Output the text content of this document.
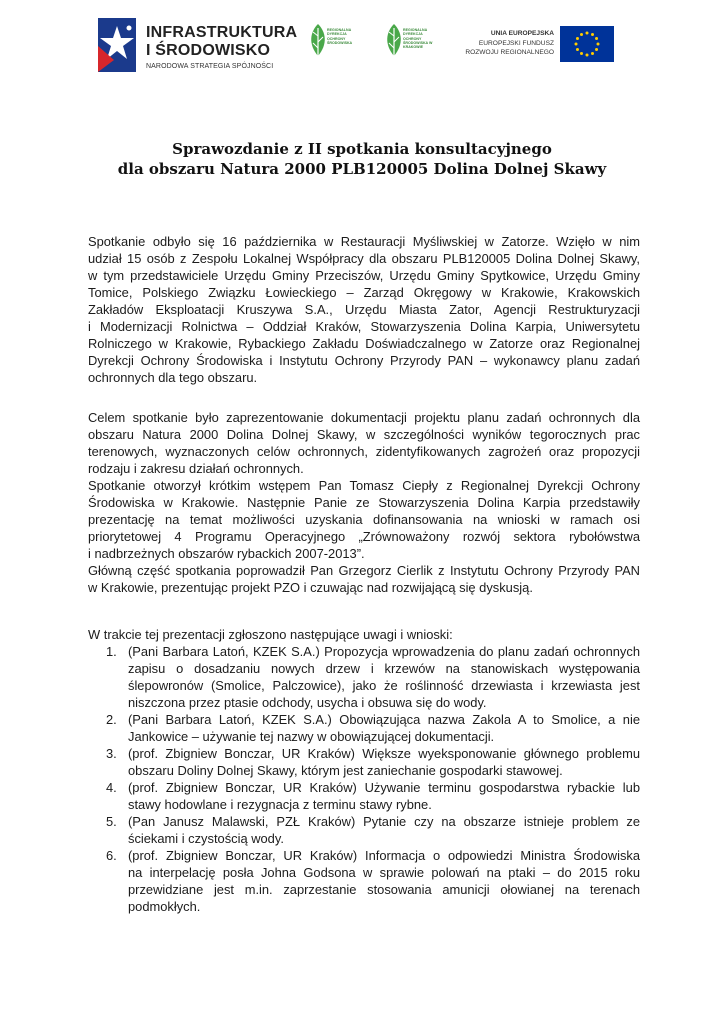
INFRASTRUKTURA
I ŚRODOWISKO
NARODOWA STRATEGIA SPÓJNOŚCI
REGIONALNA DYREKCJA OCHRONY ŚRODOWISKA
REGIONALNA DYREKCJA OCHRONY ŚRODOWISKA W KRAKOWIE
UNIA EUROPEJSKA
EUROPEJSKI FUNDUSZ
ROZWOJU REGIONALNEGO
Sprawozdanie z II spotkania konsultacyjnego
dla obszaru Natura 2000 PLB120005 Dolina Dolnej Skawy
Spotkanie odbyło się 16 października w Restauracji Myśliwskiej w Zatorze. Wzięło w nim
udział 15 osób z Zespołu Lokalnej Współpracy dla obszaru PLB120005 Dolina Dolnej Skawy,
w tym przedstawiciele Urzędu Gminy Przeciszów, Urzędu Gminy Spytkowice, Urzędu Gminy
Tomice, Polskiego Związku Łowieckiego – Zarząd Okręgowy w Krakowie, Krakowskich
Zakładów Eksploatacji Kruszywa S.A., Urzędu Miasta Zator, Agencji Restrukturyzacji
i Modernizacji Rolnictwa – Oddział Kraków, Stowarzyszenia Dolina Karpia, Uniwersytetu
Rolniczego w Krakowie, Rybackiego Zakładu Doświadczalnego w Zatorze oraz Regionalnej
Dyrekcji Ochrony Środowiska i Instytutu Ochrony Przyrody PAN – wykonawcy planu zadań
ochronnych dla tego obszaru.
Celem spotkanie było zaprezentowanie dokumentacji projektu planu zadań ochronnych dla
obszaru Natura 2000 Dolina Dolnej Skawy, w szczególności wyników tegorocznych prac
terenowych, wyznaczonych celów ochronnych, zidentyfikowanych zagrożeń oraz propozycji
rodzaju i zakresu działań ochronnych.
Spotkanie otworzył krótkim wstępem Pan Tomasz Ciepły z Regionalnej Dyrekcji Ochrony
Środowiska w Krakowie. Następnie Panie ze Stowarzyszenia Dolina Karpia przedstawiły
prezentację na temat możliwości uzyskania dofinansowania na wnioski w ramach osi
priorytetowej 4 Programu Operacyjnego „Zrównoważony rozwój sektora rybołówstwa
i nadbrzeżnych obszarów rybackich 2007-2013”.
Główną część spotkania poprowadził Pan Grzegorz Cierlik z Instytutu Ochrony Przyrody PAN
w Krakowie, prezentując projekt PZO i czuwając nad rozwijającą się dyskusją.
W trakcie tej prezentacji zgłoszono następujące uwagi i wnioski:
1. (Pani Barbara Latoń, KZEK S.A.) Propozycja wprowadzenia do planu zadań ochronnych
zapisu o dosadzaniu nowych drzew i krzewów na stanowiskach występowania
ślepowronów (Smolice, Palczowice), jako że roślinność drzewiasta i krzewiasta jest
niszczona przez ptasie odchody, usycha i obsuwa się do wody.
2. (Pani Barbara Latoń, KZEK S.A.) Obowiązująca nazwa Zakola A to Smolice, a nie
Jankowice – używanie tej nazwy w obowiązującej dokumentacji.
3. (prof. Zbigniew Bonczar, UR Kraków) Większe wyeksponowanie głównego problemu
obszaru Doliny Dolnej Skawy, którym jest zaniechanie gospodarki stawowej.
4. (prof. Zbigniew Bonczar, UR Kraków) Używanie terminu gospodarstwa rybackie lub
stawy hodowlane i rezygnacja z terminu stawy rybne.
5. (Pan Janusz Malawski, PZŁ Kraków) Pytanie czy na obszarze istnieje problem ze
ściekami i czystością wody.
6. (prof. Zbigniew Bonczar, UR Kraków) Informacja o odpowiedzi Ministra Środowiska
na interpelację posła Johna Godsona w sprawie polowań na ptaki – do 2015 roku
przewidziane jest m.in. zaprzestanie stosowania amunicji ołowianej na terenach
podmokłych.
